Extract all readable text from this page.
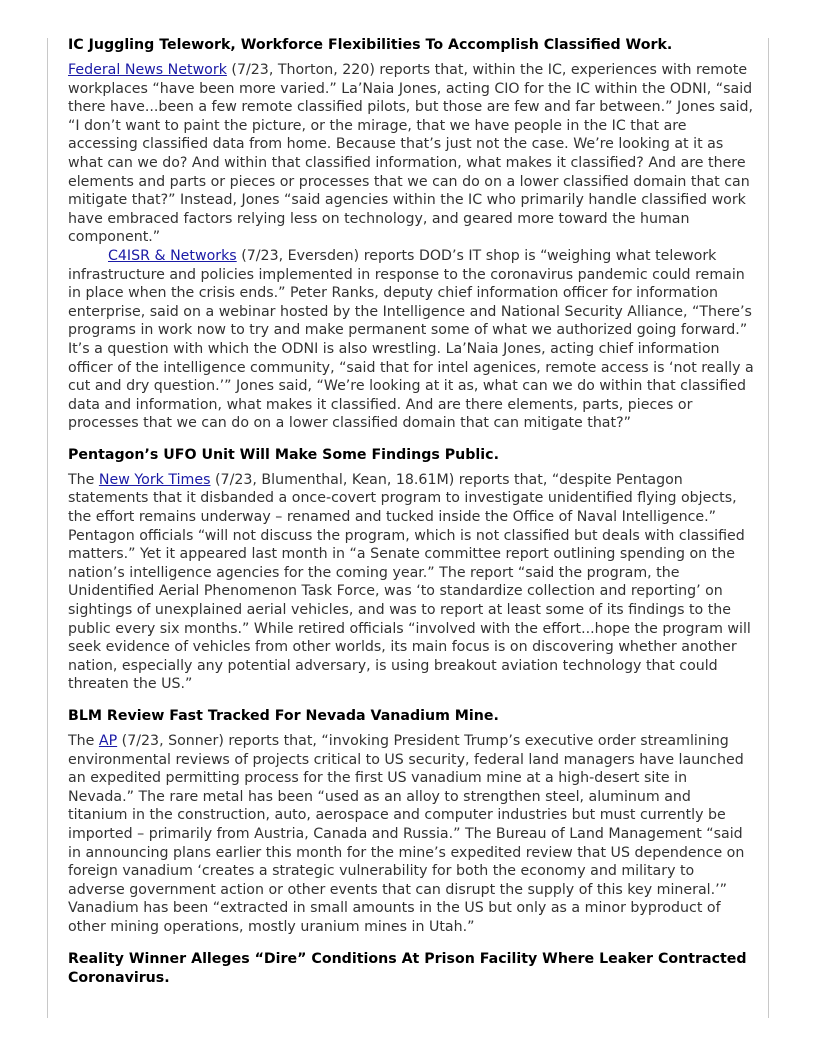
IC Juggling Telework, Workforce Flexibilities To Accomplish Classified Work.

Federal News Network (7/23, Thorton, 220) reports that, within the IC, experiences with remote workplaces “have been more varied.” La’Naia Jones, acting CIO for the IC within the ODNI, “said there have...been a few remote classified pilots, but those are few and far between.” Jones said, “I don’t want to paint the picture, or the mirage, that we have people in the IC that are accessing classified data from home. Because that’s just not the case. We’re looking at it as what can we do? And within that classified information, what makes it classified? And are there elements and parts or pieces or processes that we can do on a lower classified domain that can mitigate that?” Instead, Jones “said agencies within the IC who primarily handle classified work have embraced factors relying less on technology, and geared more toward the human component.”

C4ISR & Networks (7/23, Eversden) reports DOD’s IT shop is “weighing what telework infrastructure and policies implemented in response to the coronavirus pandemic could remain in place when the crisis ends.” Peter Ranks, deputy chief information officer for information enterprise, said on a webinar hosted by the Intelligence and National Security Alliance, “There’s programs in work now to try and make permanent some of what we authorized going forward.” It’s a question with which the ODNI is also wrestling. La’Naia Jones, acting chief information officer of the intelligence community, “said that for intel agenices, remote access is ‘not really a cut and dry question.’” Jones said, “We’re looking at it as, what can we do within that classified data and information, what makes it classified. And are there elements, parts, pieces or processes that we can do on a lower classified domain that can mitigate that?”

Pentagon’s UFO Unit Will Make Some Findings Public.

The New York Times (7/23, Blumenthal, Kean, 18.61M) reports that, “despite Pentagon statements that it disbanded a once-covert program to investigate unidentified flying objects, the effort remains underway – renamed and tucked inside the Office of Naval Intelligence.” Pentagon officials “will not discuss the program, which is not classified but deals with classified matters.” Yet it appeared last month in “a Senate committee report outlining spending on the nation’s intelligence agencies for the coming year.” The report “said the program, the Unidentified Aerial Phenomenon Task Force, was ‘to standardize collection and reporting’ on sightings of unexplained aerial vehicles, and was to report at least some of its findings to the public every six months.” While retired officials “involved with the effort...hope the program will seek evidence of vehicles from other worlds, its main focus is on discovering whether another nation, especially any potential adversary, is using breakout aviation technology that could threaten the US.”

BLM Review Fast Tracked For Nevada Vanadium Mine.

The AP (7/23, Sonner) reports that, “invoking President Trump’s executive order streamlining environmental reviews of projects critical to US security, federal land managers have launched an expedited permitting process for the first US vanadium mine at a high-desert site in Nevada.” The rare metal has been “used as an alloy to strengthen steel, aluminum and titanium in the construction, auto, aerospace and computer industries but must currently be imported – primarily from Austria, Canada and Russia.” The Bureau of Land Management “said in announcing plans earlier this month for the mine’s expedited review that US dependence on foreign vanadium ‘creates a strategic vulnerability for both the economy and military to adverse government action or other events that can disrupt the supply of this key mineral.’” Vanadium has been “extracted in small amounts in the US but only as a minor byproduct of other mining operations, mostly uranium mines in Utah.”

Reality Winner Alleges “Dire” Conditions At Prison Facility Where Leaker Contracted Coronavirus.
